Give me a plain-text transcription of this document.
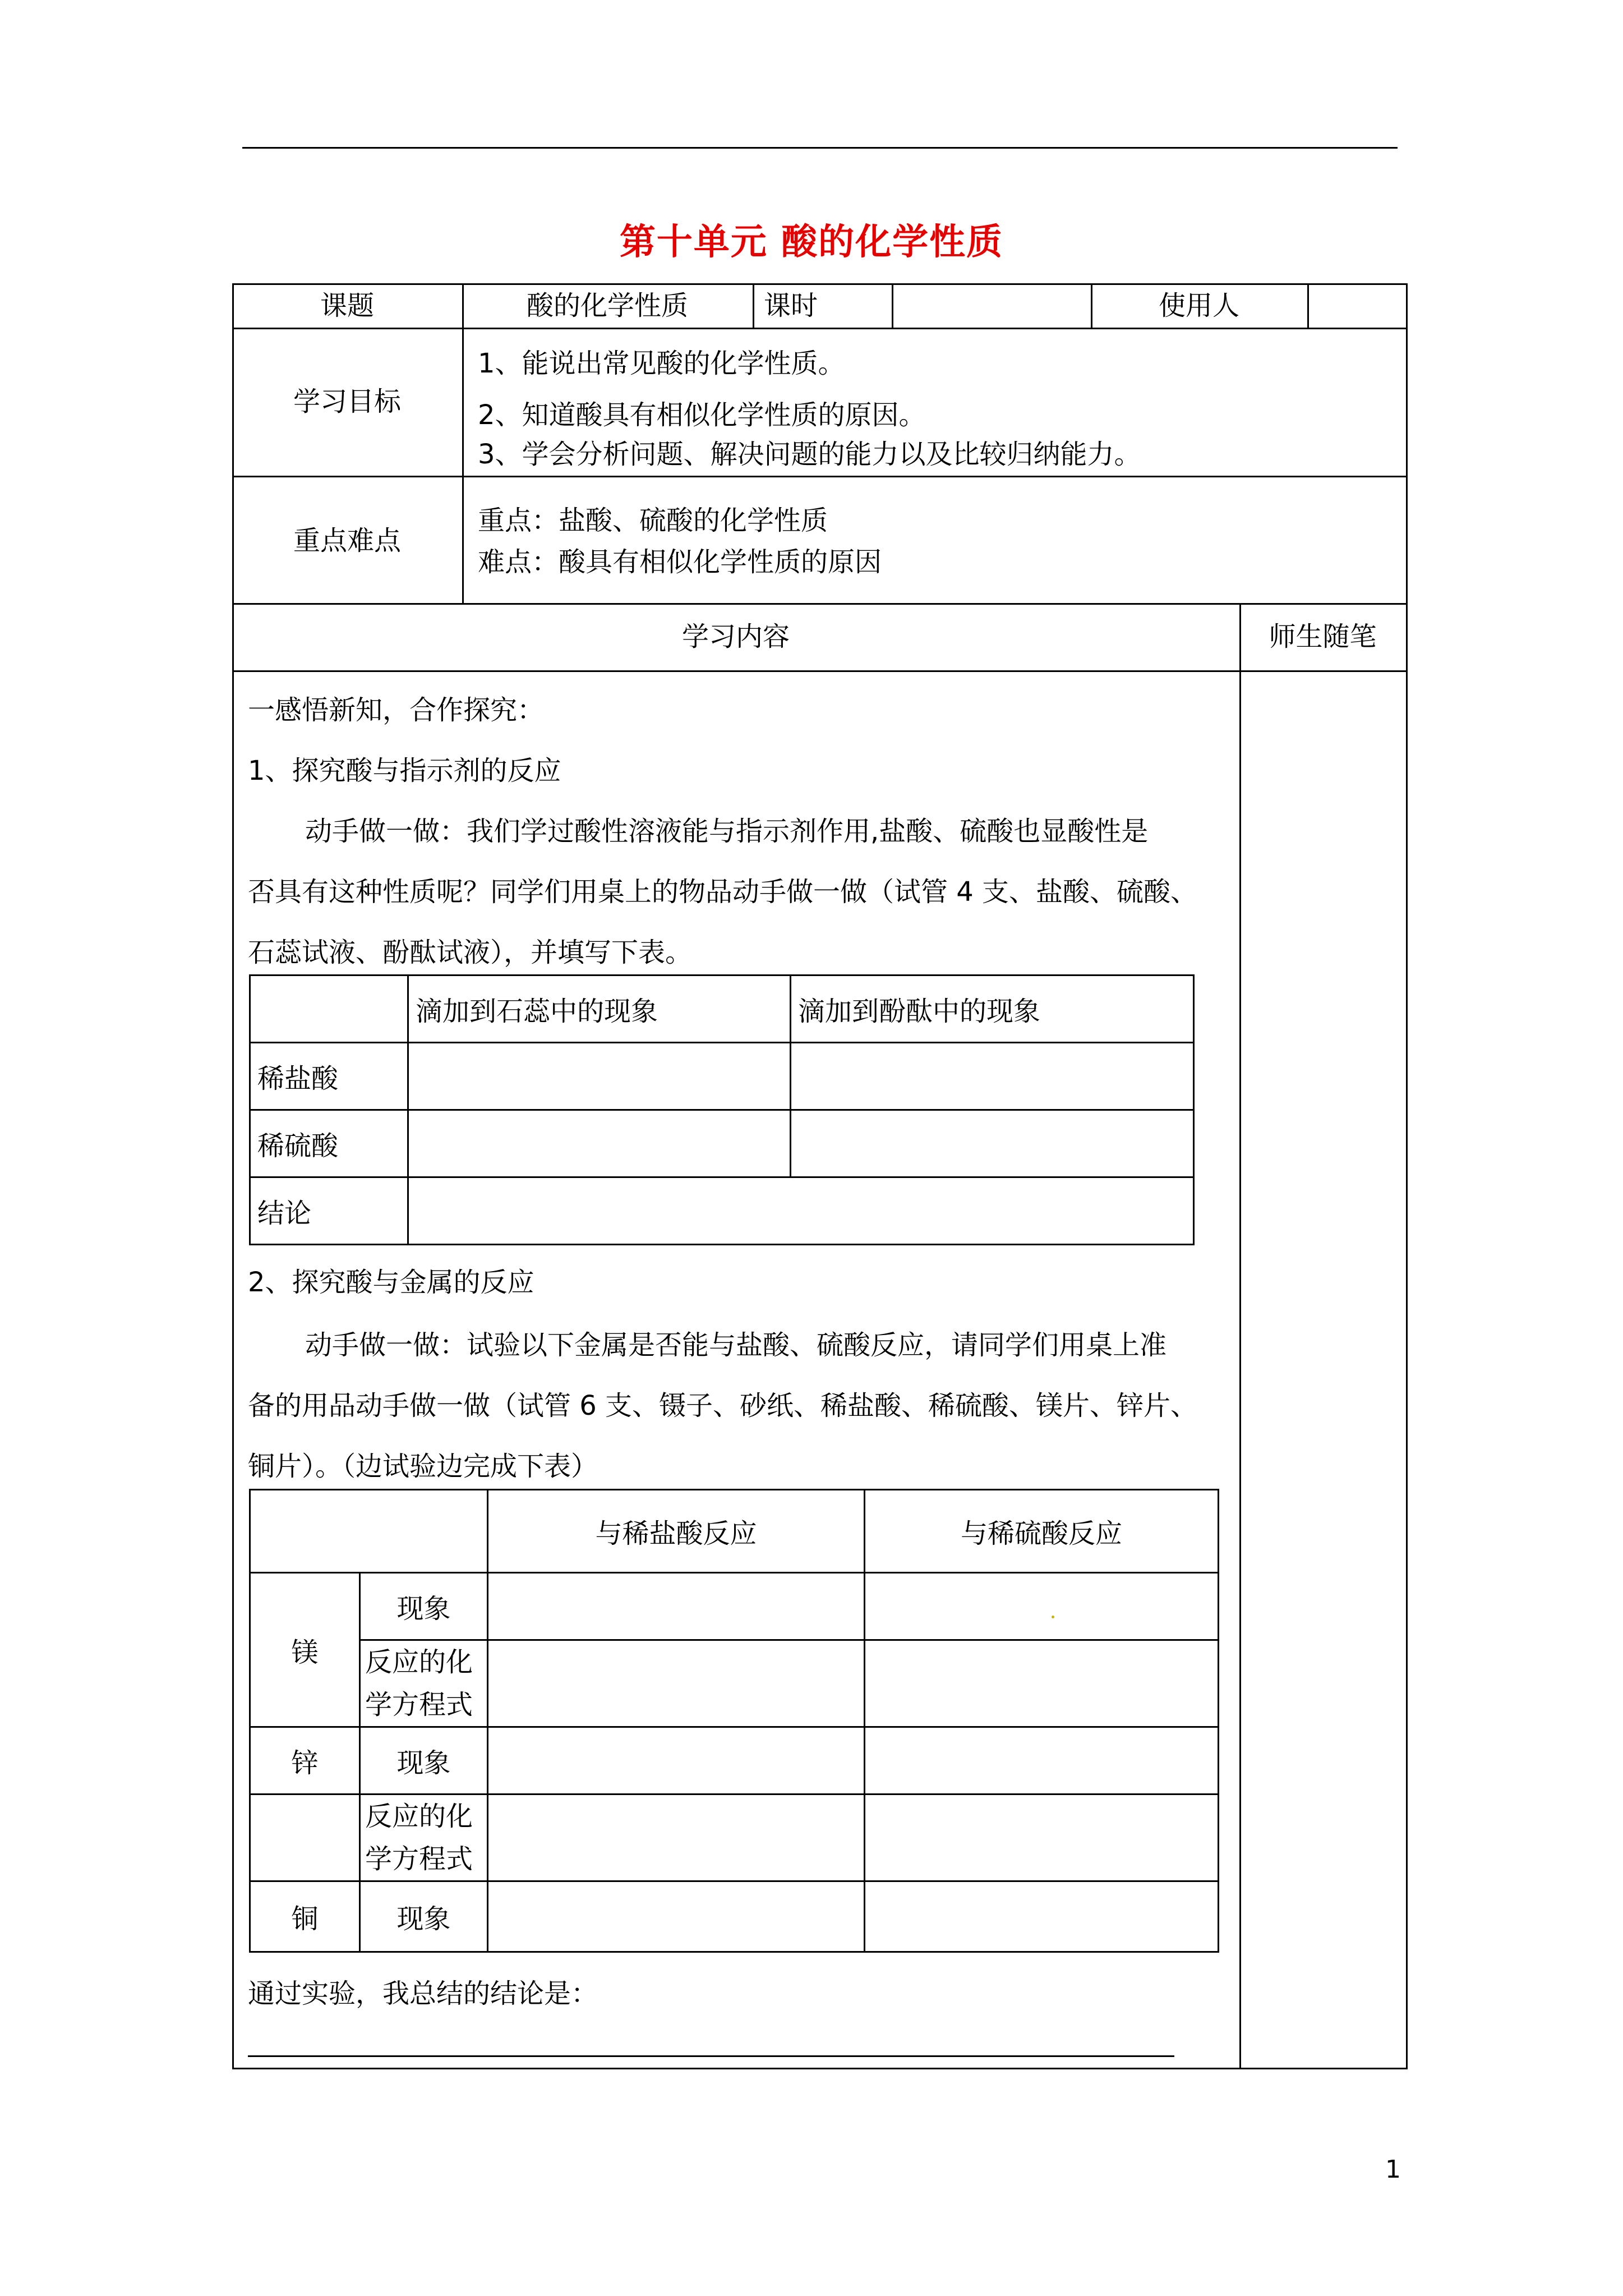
第十单元 酸的化学性质
课题	酸的化学性质	课时	使用人
学习目标
1、能说出常见酸的化学性质。
2、知道酸具有相似化学性质的原因。
3、学会分析问题、解决问题的能力以及比较归纳能力。
重点难点
重点：盐酸、硫酸的化学性质
难点：酸具有相似化学性质的原因
学习内容	师生随笔
一感悟新知，合作探究：
1、探究酸与指示剂的反应
动手做一做：我们学过酸性溶液能与指示剂作用,盐酸、硫酸也显酸性是
否具有这种性质呢？同学们用桌上的物品动手做一做（试管 4 支、盐酸、硫酸、
石蕊试液、酚酞试液），并填写下表。
	滴加到石蕊中的现象	滴加到酚酞中的现象
稀盐酸		
稀硫酸		
结论		
2、探究酸与金属的反应
动手做一做：试验以下金属是否能与盐酸、硫酸反应，请同学们用桌上准
备的用品动手做一做（试管 6 支、镊子、砂纸、稀盐酸、稀硫酸、镁片、锌片、
铜片）。（边试验边完成下表）
		与稀盐酸反应	与稀硫酸反应
镁	现象		

	反应的化
学方程式		
锌	现象		
	反应的化
学方程式		
铜	现象		
通过实验，我总结的结论是：
1
